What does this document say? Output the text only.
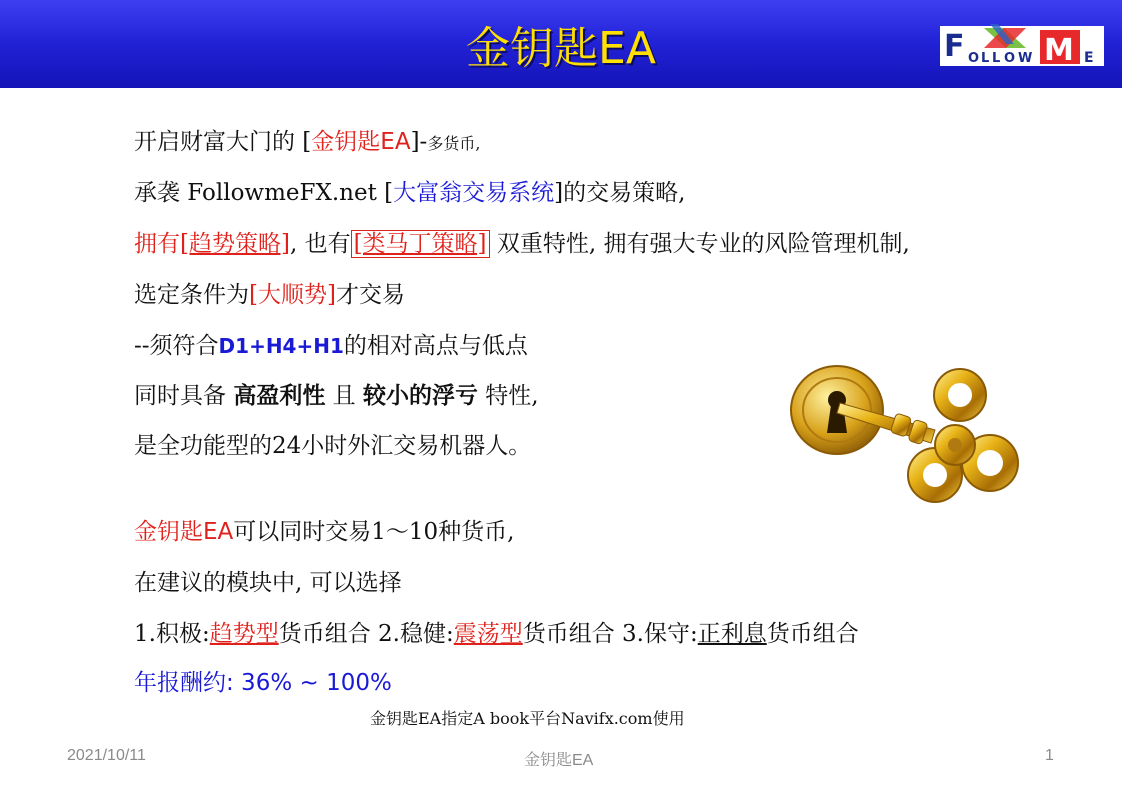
金钥匙EA	F O L L O W M E
开启财富大门的 [金钥匙EA]-多货币,
承袭 FollowmeFX.net [大富翁交易系统]的交易策略,
拥有[趋势策略], 也有 [类马丁策略] 双重特性, 拥有强大专业的风险管理机制,
选定条件为[大顺势]才交易
--须符合D1+H4+H1的相对高点与低点
同时具备 高盈利性 且 较小的浮亏 特性,
是全功能型的24小时外汇交易机器人。
金钥匙EA可以同时交易1～10种货币,
在建议的模块中, 可以选择
1.积极:趋势型货币组合 2.稳健:震荡型货币组合 3.保守:正利息货币组合
年报酬约: 36% ~ 100%
金钥匙EA指定A book平台Navifx.com使用
2021/10/11	金钥匙EA	1
